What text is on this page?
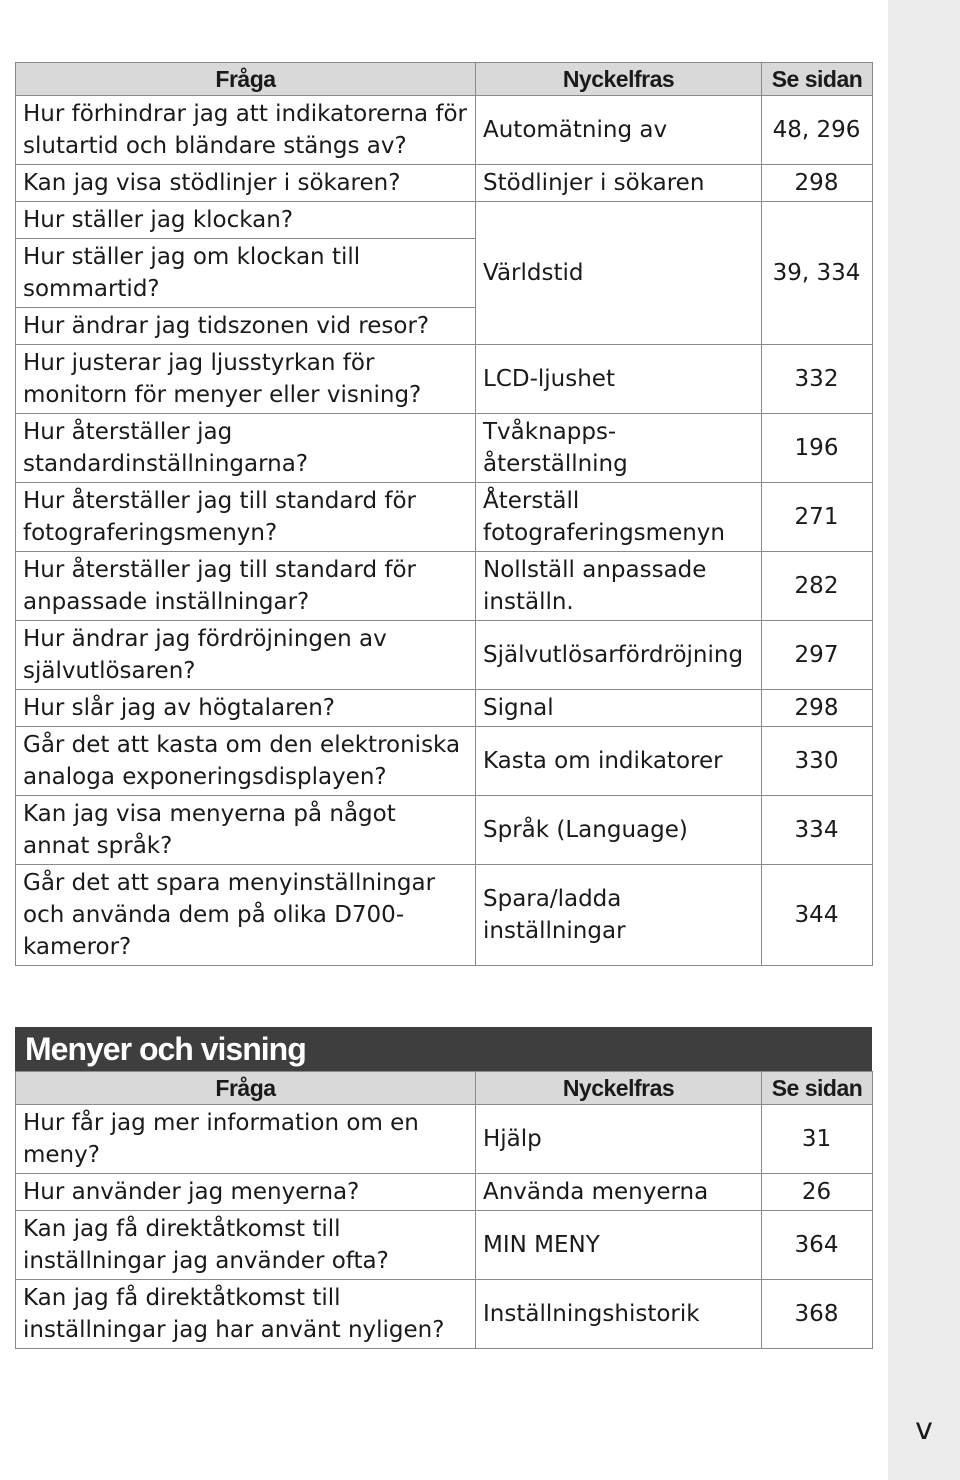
Fråga	Nyckelfras	Se sidan
Hur förhindrar jag att indikatorerna för slutartid och bländare stängs av?	Automätning av	48, 296
Kan jag visa stödlinjer i sökaren?	Stödlinjer i sökaren	298
Hur ställer jag klockan?	Världstid	39, 334
Hur ställer jag om klockan till sommartid?		
Hur ändrar jag tidszonen vid resor?		
Hur justerar jag ljusstyrkan för monitorn för menyer eller visning?	LCD-ljushet	332
Hur återställer jag standardinställningarna?	Tvåknapps-återställning	196
Hur återställer jag till standard för fotograferingsmenyn?	Återställ fotograferingsmenyn	271
Hur återställer jag till standard för anpassade inställningar?	Nollställ anpassade inställn.	282
Hur ändrar jag fördröjningen av självutlösaren?	Självutlösarfördröjning	297
Hur slår jag av högtalaren?	Signal	298
Går det att kasta om den elektroniska analoga exponeringsdisplayen?	Kasta om indikatorer	330
Kan jag visa menyerna på något annat språk?	Språk (Language)	334
Går det att spara menyinställningar och använda dem på olika D700-kameror?	Spara/ladda inställningar	344
Menyer och visning
Fråga	Nyckelfras	Se sidan
Hur får jag mer information om en meny?	Hjälp	31
Hur använder jag menyerna?	Använda menyerna	26
Kan jag få direktåtkomst till inställningar jag använder ofta?	MIN MENY	364
Kan jag få direktåtkomst till inställningar jag har använt nyligen?	Inställningshistorik	368
v
